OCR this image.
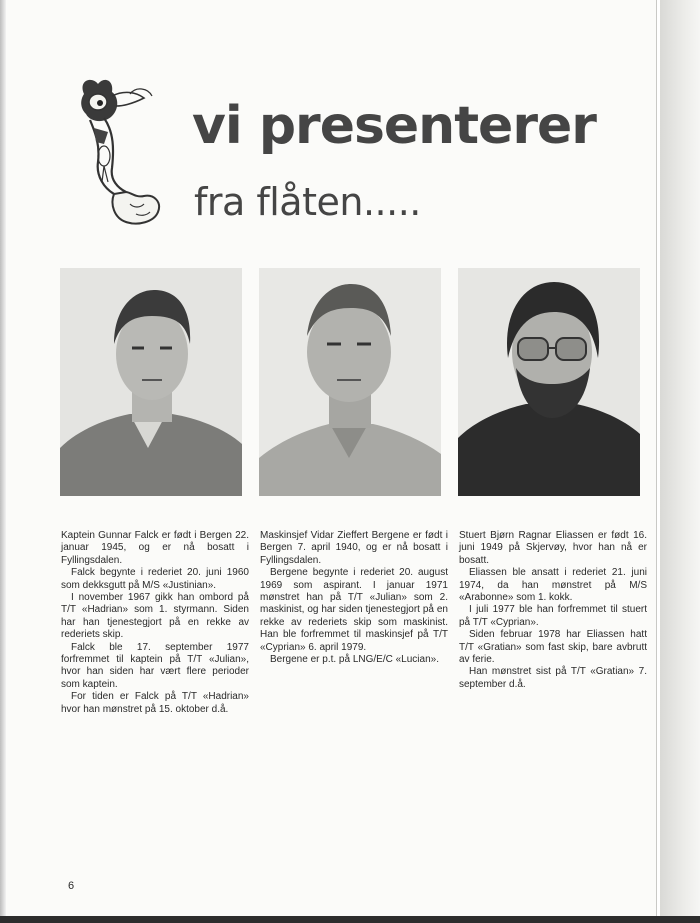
vi presenterer
fra flåten.....

Kaptein Gunnar Falck er født i Bergen 22. januar 1945, og er nå bosatt i Fyllingsdalen.

Falck begynte i rederiet 20. juni 1960 som dekksgutt på M/S «Justinian».

I november 1967 gikk han ombord på T/T «Hadrian» som 1. styrmann. Siden har han tjenestegjort på en rekke av rederiets skip.

Falck ble 17. september 1977 forfremmet til kaptein på T/T «Julian», hvor han siden har vært flere perioder som kaptein.

For tiden er Falck på T/T «Hadrian» hvor han mønstret på 15. oktober d.å.

Maskinsjef Vidar Zieffert Bergene er født i Bergen 7. april 1940, og er nå bosatt i Fyllingsdalen.

Bergene begynte i rederiet 20. august 1969 som aspirant. I januar 1971 mønstret han på T/T «Julian» som 2. maskinist, og har siden tjenestegjort på en rekke av rederiets skip som maskinist. Han ble forfremmet til maskinsjef på T/T «Cyprian» 6. april 1979.

Bergene er p.t. på LNG/E/C «Lucian».

Stuert Bjørn Ragnar Eliassen er født 16. juni 1949 på Skjervøy, hvor han nå er bosatt.

Eliassen ble ansatt i rederiet 21. juni 1974, da han mønstret på M/S «Arabonne» som 1. kokk.

I juli 1977 ble han forfremmet til stuert på T/T «Cyprian».

Siden februar 1978 har Eliassen hatt T/T «Gratian» som fast skip, bare avbrutt av ferie.

Han mønstret sist på T/T «Gratian» 7. september d.å.

6
